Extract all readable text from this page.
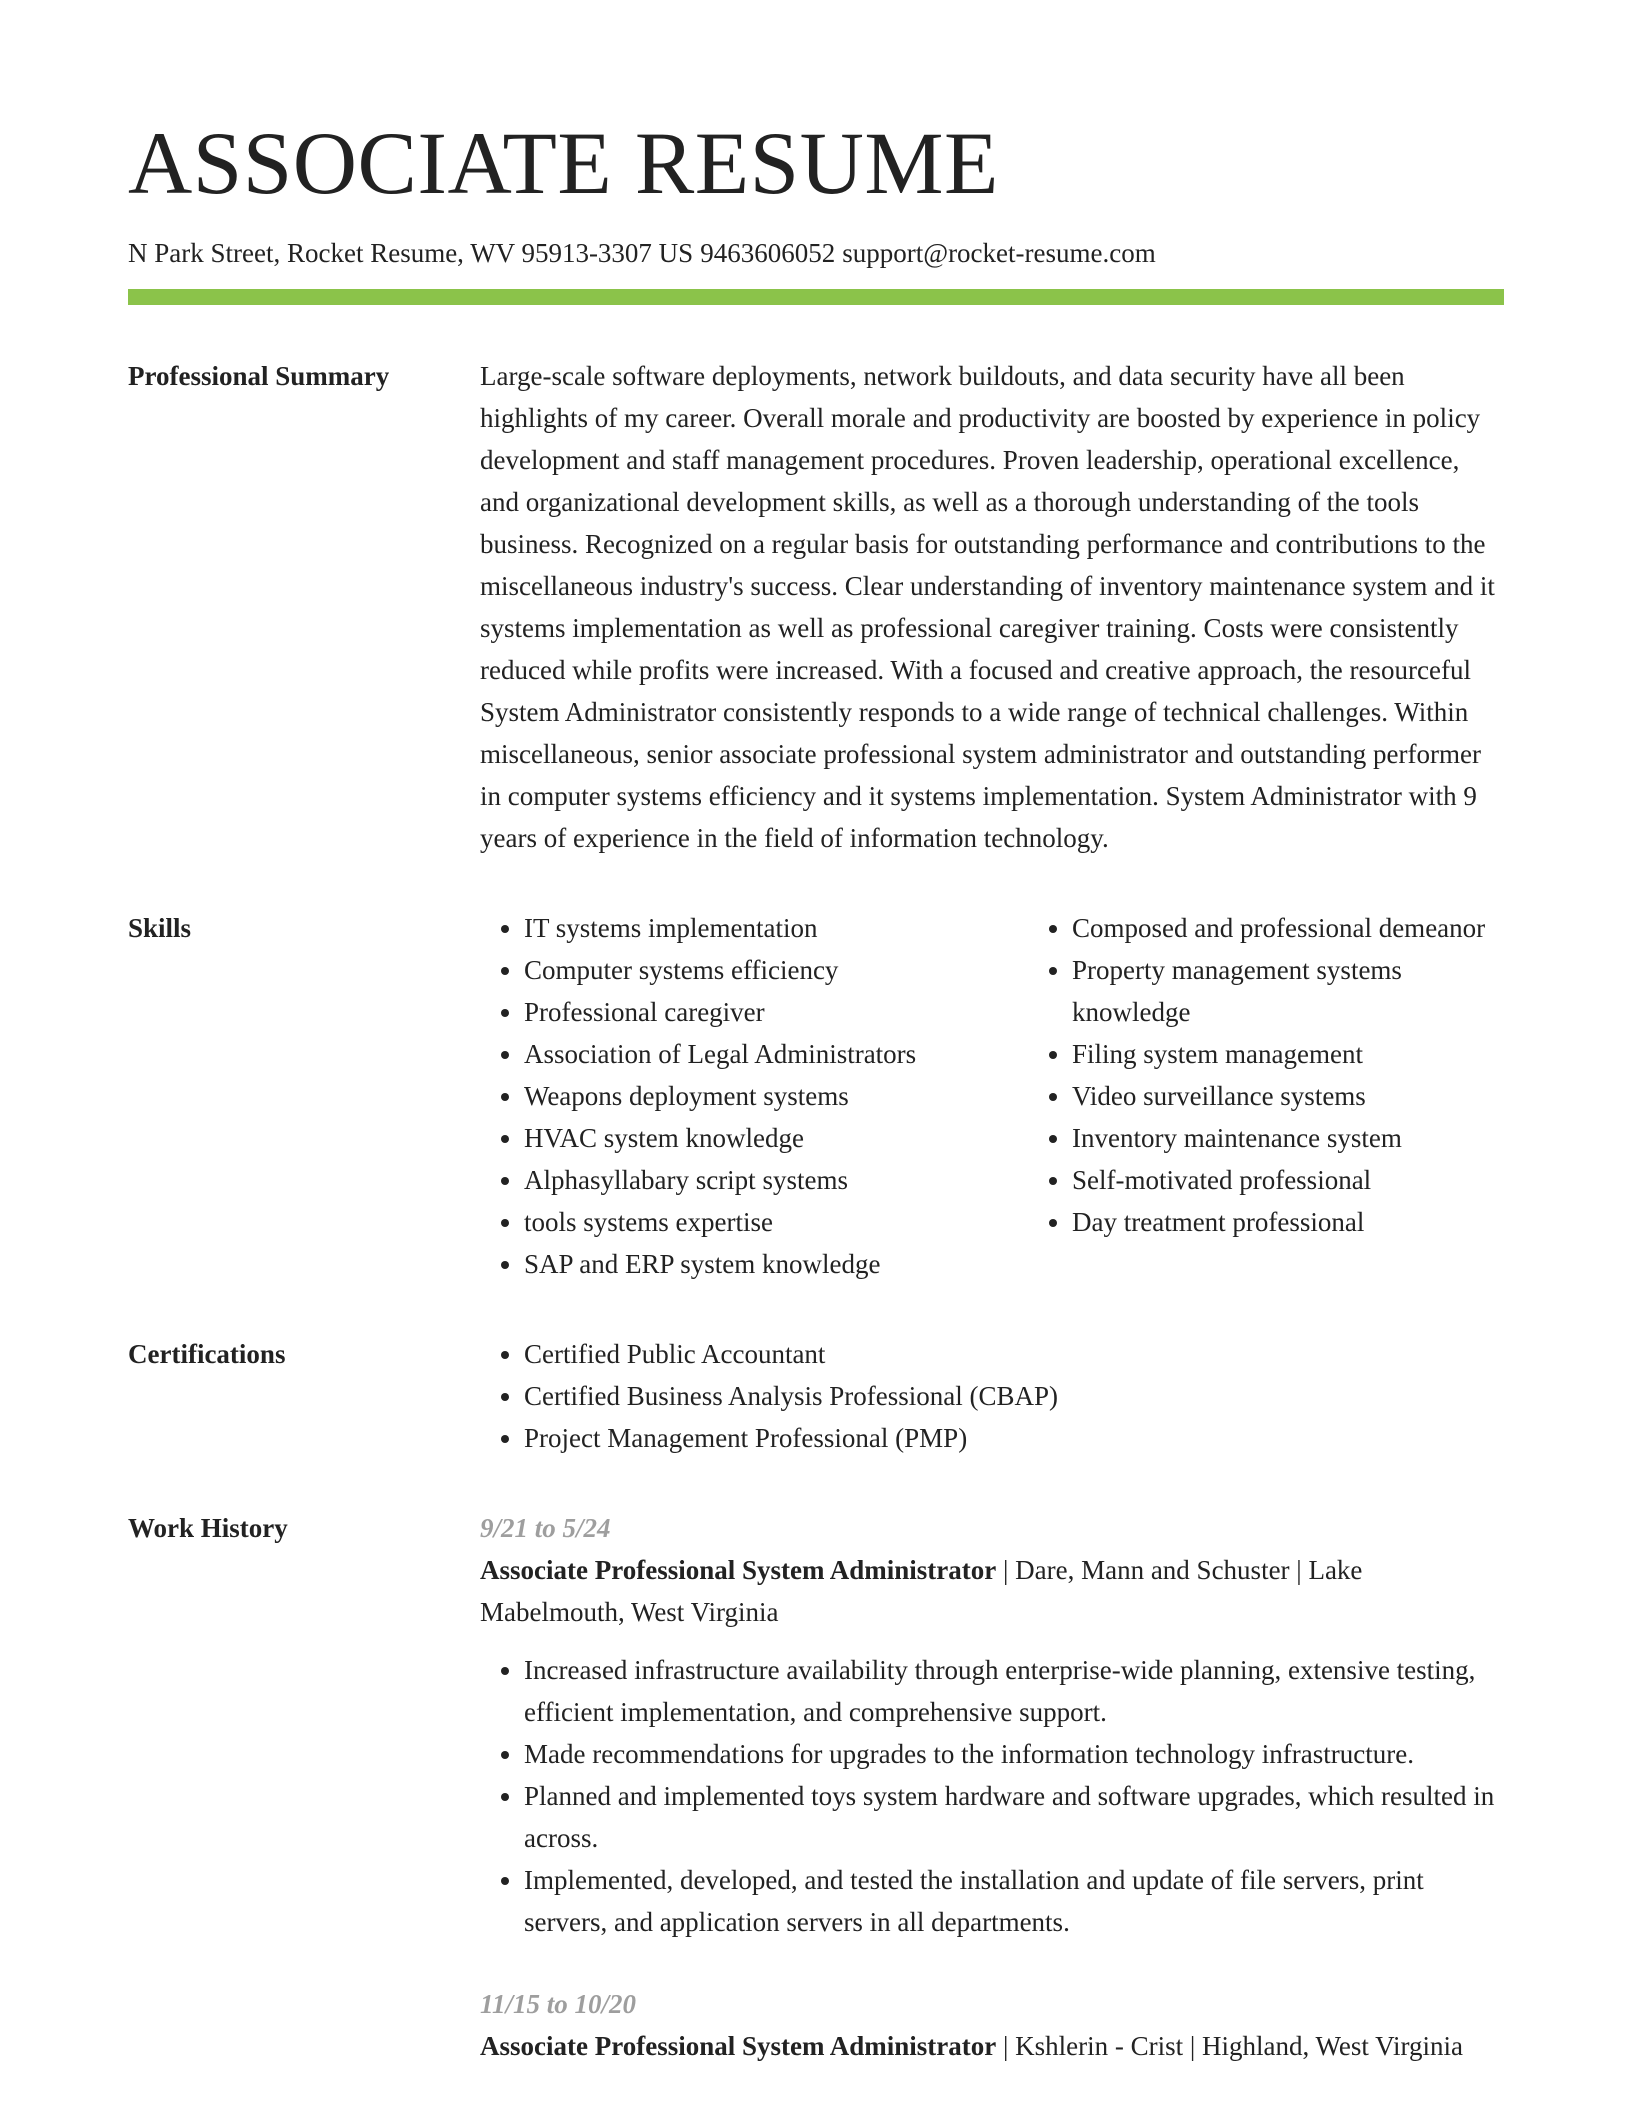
ASSOCIATE RESUME
N Park Street, Rocket Resume, WV 95913-3307 US 9463606052 support@rocket-resume.com
Professional Summary	Large-scale software deployments, network buildouts, and data security have all been highlights of my career. Overall morale and productivity are boosted by experience in policy development and staff management procedures. Proven leadership, operational excellence, and organizational development skills, as well as a thorough understanding of the tools business. Recognized on a regular basis for outstanding performance and contributions to the miscellaneous industry's success. Clear understanding of inventory maintenance system and it systems implementation as well as professional caregiver training. Costs were consistently reduced while profits were increased. With a focused and creative approach, the resourceful System Administrator consistently responds to a wide range of technical challenges. Within miscellaneous, senior associate professional system administrator and outstanding performer in computer systems efficiency and it systems implementation. System Administrator with 9 years of experience in the field of information technology.

Skills	• IT systems implementation
• Computer systems efficiency
• Professional caregiver
• Association of Legal Administrators
• Weapons deployment systems
• HVAC system knowledge
• Alphasyllabary script systems
• tools systems expertise
• SAP and ERP system knowledge
• Composed and professional demeanor
• Property management systems knowledge
• Filing system management
• Video surveillance systems
• Inventory maintenance system
• Self-motivated professional
• Day treatment professional
Certifications	• Certified Public Accountant
• Certified Business Analysis Professional (CBAP)
• Project Management Professional (PMP)
Work History	9/21 to 5/24

Associate Professional System Administrator | Dare, Mann and Schuster | Lake Mabelmouth, West Virginia

• Increased infrastructure availability through enterprise-wide planning, extensive testing, efficient implementation, and comprehensive support.
• Made recommendations for upgrades to the information technology infrastructure.
• Planned and implemented toys system hardware and software upgrades, which resulted in across.
• Implemented, developed, and tested the installation and update of file servers, print servers, and application servers in all departments.
11/15 to 10/20

Associate Professional System Administrator | Kshlerin - Crist | Highland, West Virginia
